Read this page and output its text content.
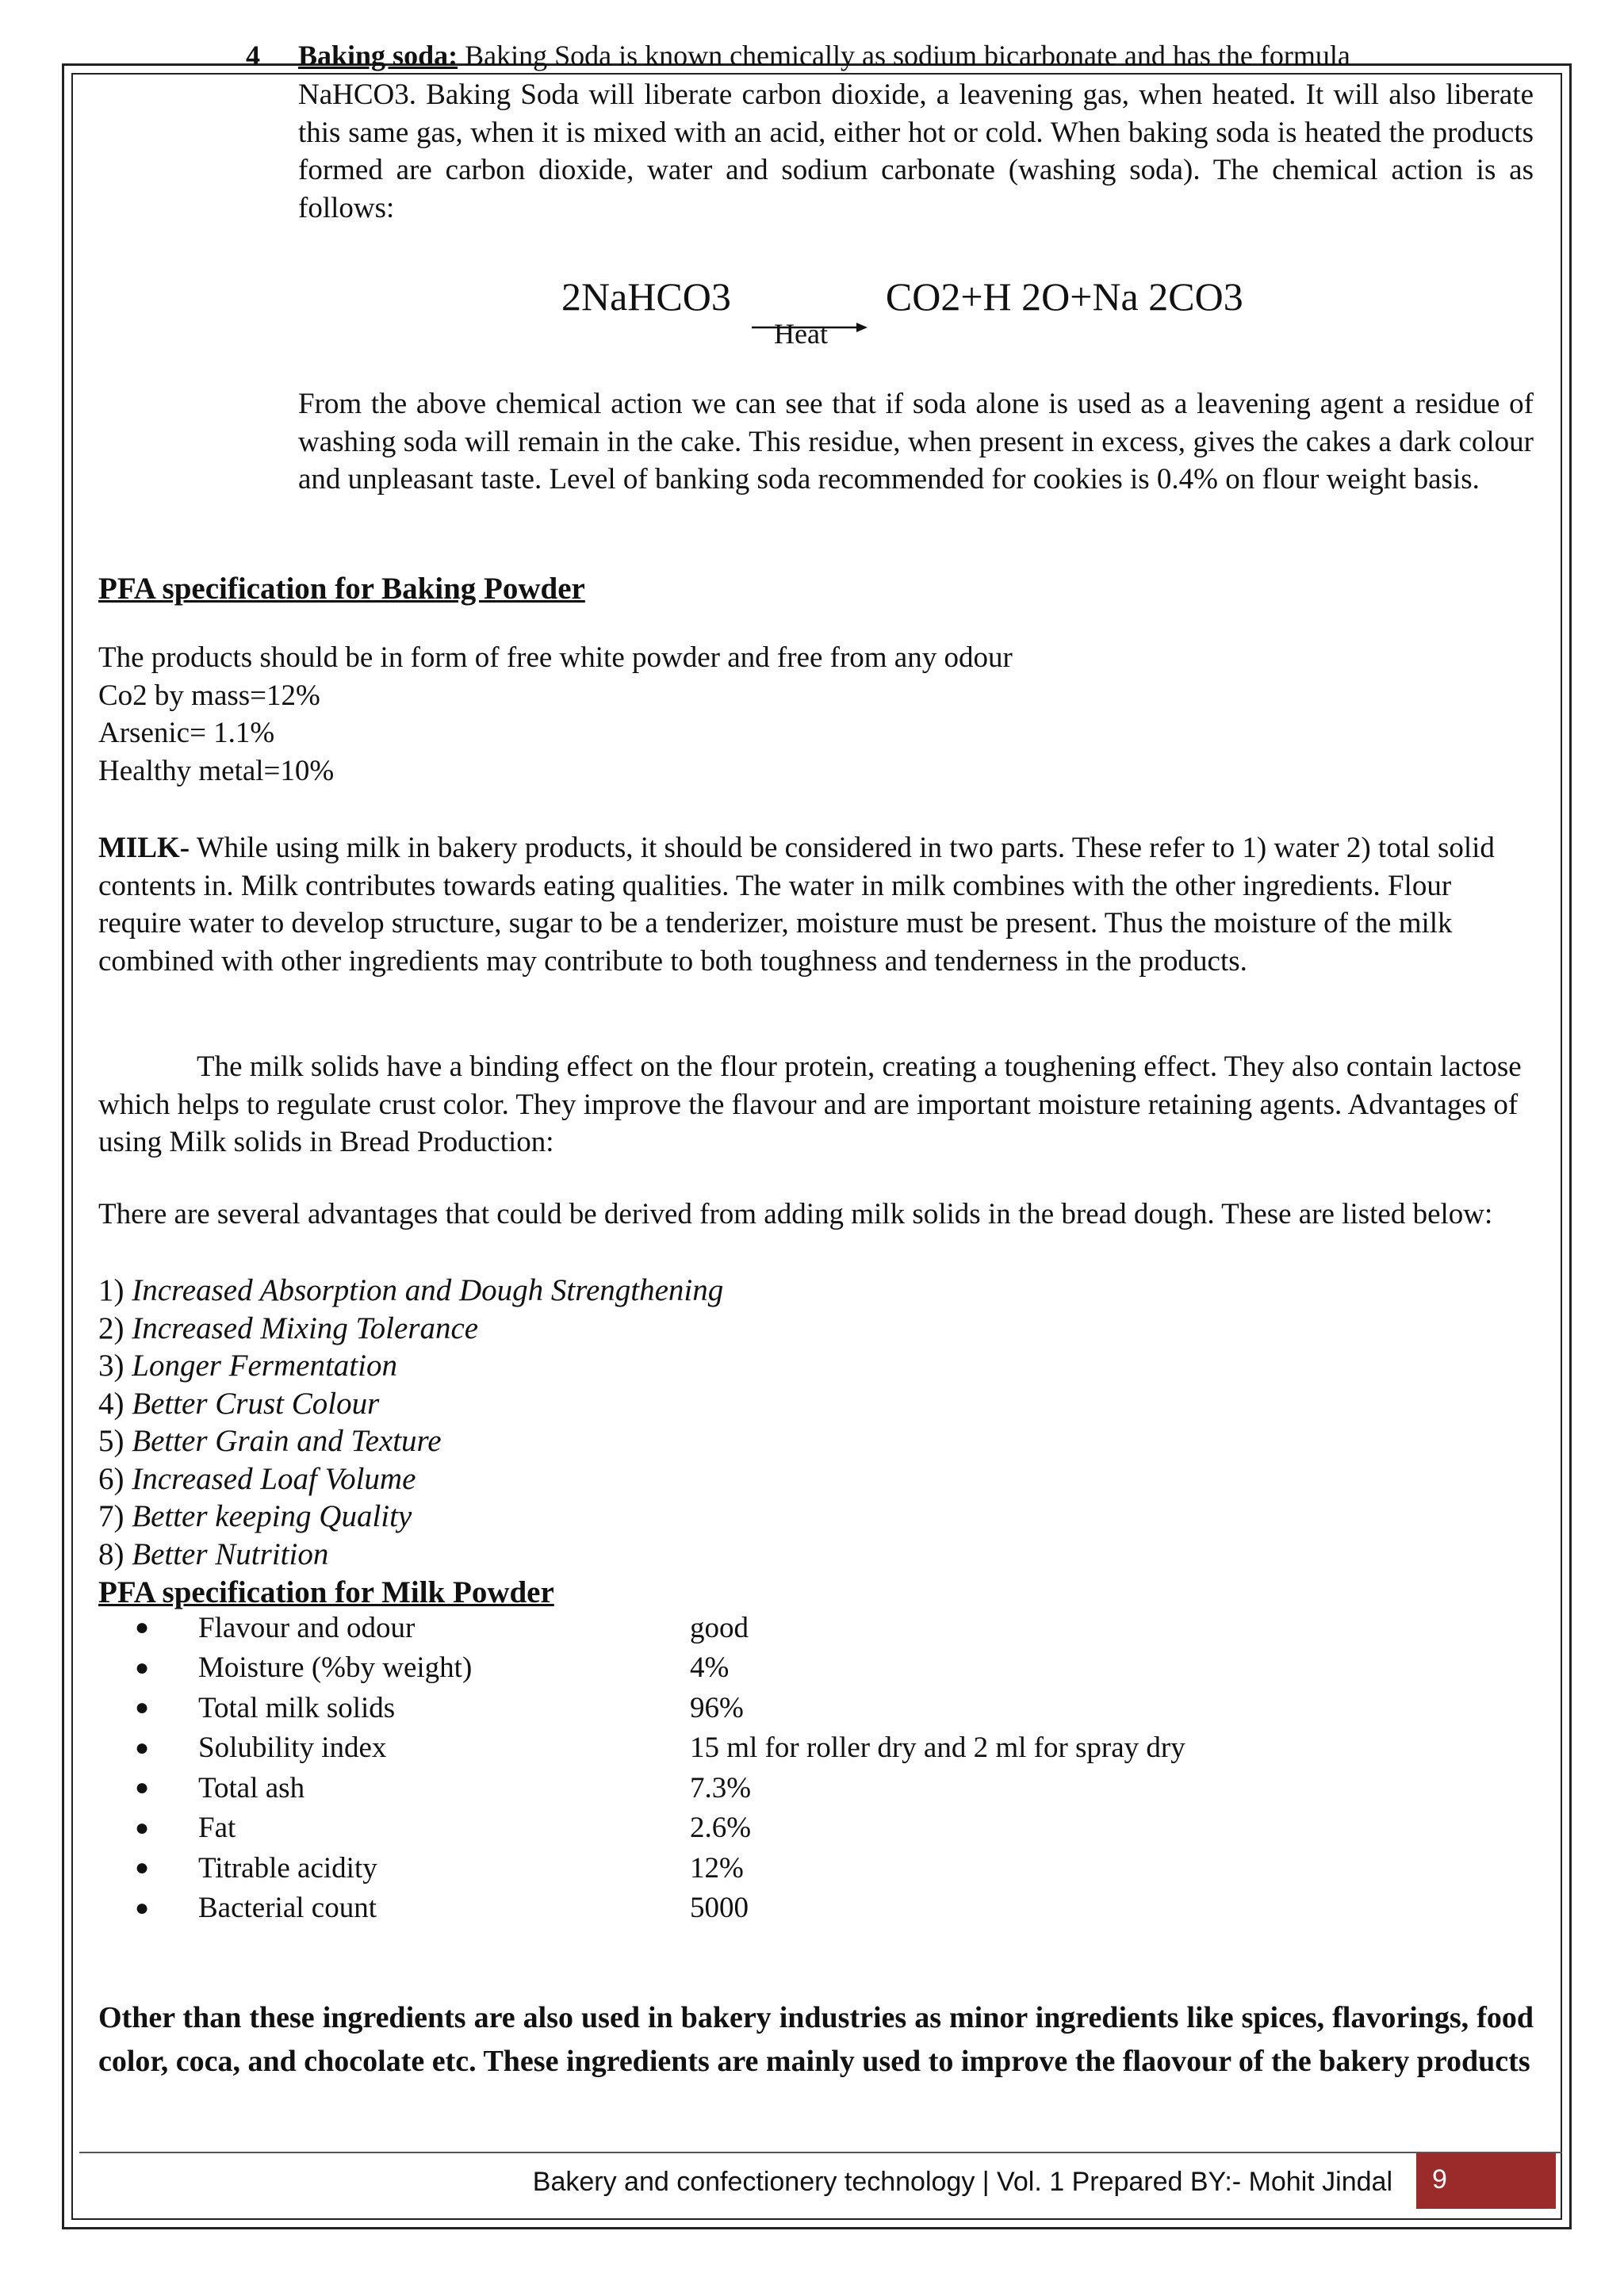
4 Baking soda: Baking Soda is known chemically as sodium bicarbonate and has the formula
NaHCO3. Baking Soda will liberate carbon dioxide, a leavening gas, when heated. It will also liberate this same gas, when it is mixed with an acid, either hot or cold. When baking soda is heated the products formed are carbon dioxide, water and sodium carbonate (washing soda). The chemical action is as follows:
2NaHCO3 → CO2+H 2O+Na 2CO3
Heat
From the above chemical action we can see that if soda alone is used as a leavening agent a residue of washing soda will remain in the cake. This residue, when present in excess, gives the cakes a dark colour and unpleasant taste. Level of banking soda recommended for cookies is 0.4% on flour weight basis.
PFA specification for Baking Powder
The products should be in form of free white powder and free from any odour
Co2 by mass=12%
Arsenic= 1.1%
Healthy metal=10%
MILK- While using milk in bakery products, it should be considered in two parts. These refer to 1) water 2) total solid contents in. Milk contributes towards eating qualities. The water in milk combines with the other ingredients. Flour require water to develop structure, sugar to be a tenderizer, moisture must be present. Thus the moisture of the milk combined with other ingredients may contribute to both toughness and tenderness in the products.
The milk solids have a binding effect on the flour protein, creating a toughening effect. They also contain lactose which helps to regulate crust color. They improve the flavour and are important moisture retaining agents. Advantages of using Milk solids in Bread Production:
There are several advantages that could be derived from adding milk solids in the bread dough. These are listed below:
1) Increased Absorption and Dough Strengthening
2) Increased Mixing Tolerance
3) Longer Fermentation
4) Better Crust Colour
5) Better Grain and Texture
6) Increased Loaf Volume
7) Better keeping Quality
8) Better Nutrition
PFA specification for Milk Powder
●	Flavour and odour	good
●	Moisture (%by weight)	4%
●	Total milk solids	96%
●	Solubility index	15 ml for roller dry and 2 ml for spray dry
●	Total ash	7.3%
●	Fat	2.6%
●	Titrable acidity	12%
●	Bacterial count	5000
Other than these ingredients are also used in bakery industries as minor ingredients like spices, flavorings, food color, coca, and chocolate etc. These ingredients are mainly used to improve the flaovour of the bakery products
Bakery and confectionery technology | Vol. 1 Prepared BY:- Mohit Jindal	9
